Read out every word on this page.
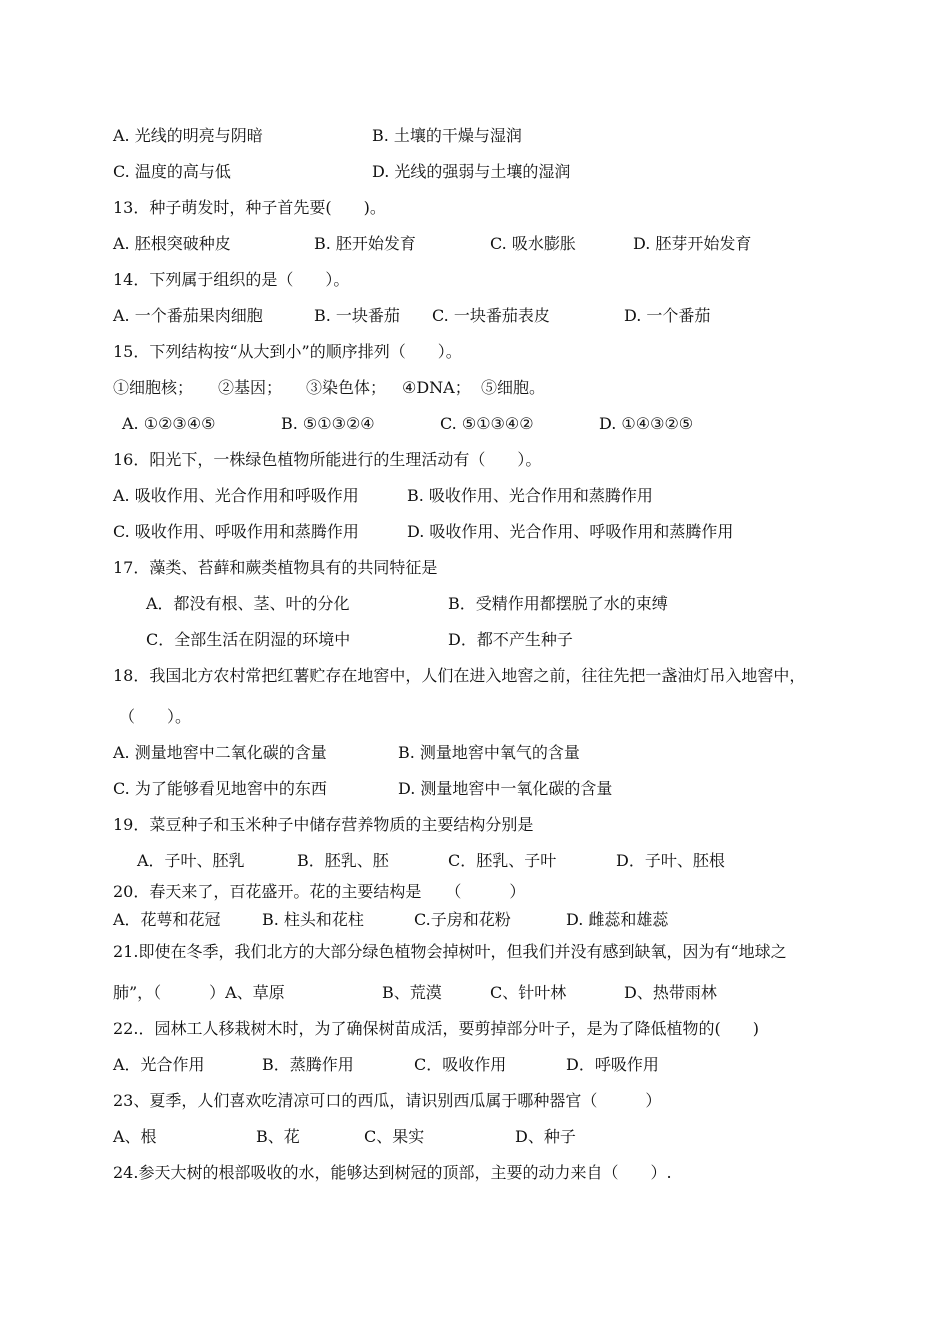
A. 光线的明亮与阴暗	B. 土壤的干燥与湿润
C. 温度的高与低	D. 光线的强弱与土壤的湿润
13．种子萌发时，种子首先要(　　)。
A. 胚根突破种皮	B. 胚开始发育	C. 吸水膨胀	D. 胚芽开始发育
14．下列属于组织的是（　　）。
A. 一个番茄果肉细胞	B. 一块番茄 C. 一块番茄表皮	D. 一个番茄
15．下列结构按“从大到小”的顺序排列（　　）。
①细胞核； ②基因； ③染色体； ④DNA； ⑤细胞。
A. ①②③④⑤	B. ⑤①③②④	C. ⑤①③④②	D. ①④③②⑤
16．阳光下，一株绿色植物所能进行的生理活动有（　　）。
A. 吸收作用、光合作用和呼吸作用	B. 吸收作用、光合作用和蒸腾作用
C. 吸收作用、呼吸作用和蒸腾作用	D. 吸收作用、光合作用、呼吸作用和蒸腾作用
17．藻类、苔藓和蕨类植物具有的共同特征是
A．都没有根、茎、叶的分化	B．受精作用都摆脱了水的束缚
C．全部生活在阴湿的环境中	D．都不产生种子
18．我国北方农村常把红薯贮存在地窖中，人们在进入地窖之前，往往先把一盏油灯吊入地窖中，
（　　）。
A. 测量地窖中二氧化碳的含量	B. 测量地窖中氧气的含量
C. 为了能够看见地窖中的东西	D. 测量地窖中一氧化碳的含量
19．菜豆种子和玉米种子中储存营养物质的主要结构分别是
A．子叶、胚乳	B．胚乳、胚	C．胚乳、子叶	D．子叶、胚根
20．春天来了，百花盛开。花的主要结构是　　（　　　）
A．花萼和花冠	B. 柱头和花柱	C.子房和花粉	D. 雌蕊和雄蕊
21.即使在冬季，我们北方的大部分绿色植物会掉树叶，但我们并没有感到缺氧，因为有“地球之
肺”，（　　　）A、草原	B、荒漠	C、针叶林	D、热带雨林
22.．园林工人移栽树木时，为了确保树苗成活，要剪掉部分叶子，是为了降低植物的(　　)
A．光合作用	B．蒸腾作用	C．吸收作用	D．呼吸作用
23、夏季，人们喜欢吃清凉可口的西瓜，请识别西瓜属于哪种器官（　　　）
A、根	B、花	C、果实	D、种子
24.参天大树的根部吸收的水，能够达到树冠的顶部，主要的动力来自（　　）.
